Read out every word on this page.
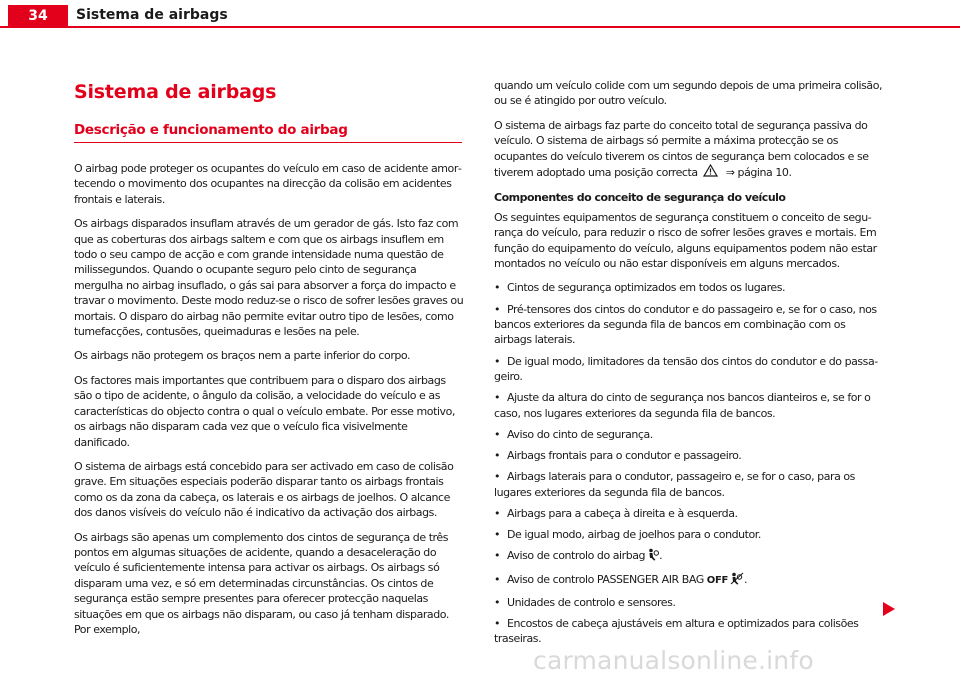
34	Sistema de airbags
Sistema de airbags
Descrição e funcionamento do airbag

O airbag pode proteger os ocupantes do veículo em caso de acidente amortecendo o movimento dos ocupantes na direcção da colisão em acidentes frontais e laterais.

Os airbags disparados insuflam através de um gerador de gás. Isto faz com que as coberturas dos airbags saltem e com que os airbags insuflem em todo o seu campo de acção e com grande intensidade numa questão de milissegundos. Quando o ocupante seguro pelo cinto de segurança mergulha no airbag insuflado, o gás sai para absorver a força do impacto e travar o movimento. Deste modo reduz-se o risco de sofrer lesões graves ou mortais. O disparo do airbag não permite evitar outro tipo de lesões, como tumefacções, contusões, queimaduras e lesões na pele.

Os airbags não protegem os braços nem a parte inferior do corpo.

Os factores mais importantes que contribuem para o disparo dos airbags são o tipo de acidente, o ângulo da colisão, a velocidade do veículo e as características do objecto contra o qual o veículo embate. Por esse motivo, os airbags não disparam cada vez que o veículo fica visivelmente danificado.

O sistema de airbags está concebido para ser activado em caso de colisão grave. Em situações especiais poderão disparar tanto os airbags frontais como os da zona da cabeça, os laterais e os airbags de joelhos. O alcance dos danos visíveis do veículo não é indicativo da activação dos airbags.

Os airbags são apenas um complemento dos cintos de segurança de três pontos em algumas situações de acidente, quando a desaceleração do veículo é suficientemente intensa para activar os airbags. Os airbags só disparam uma vez, e só em determinadas circunstâncias. Os cintos de segurança estão sempre presentes para oferecer protecção naquelas situações em que os airbags não disparam, ou caso já tenham disparado. Por exemplo,

quando um veículo colide com um segundo depois de uma primeira colisão, ou se é atingido por outro veículo.

O sistema de airbags faz parte do conceito total de segurança passiva do veículo. O sistema de airbags só permite a máxima protecção se os ocupantes do veículo tiverem os cintos de segurança bem colocados e se tiverem adoptado uma posição correcta	⇒ página 10.

Componentes do conceito de segurança do veículo

Os seguintes equipamentos de segurança constituem o conceito de segurança do veículo, para reduzir o risco de sofrer lesões graves e mortais. Em função do equipamento do veículo, alguns equipamentos podem não estar montados no veículo ou não estar disponíveis em alguns mercados.

• Cintos de segurança optimizados em todos os lugares.
• Pré-tensores dos cintos do condutor e do passageiro e, se for o caso, nos bancos exteriores da segunda fila de bancos em combinação com os airbags laterais.
• De igual modo, limitadores da tensão dos cintos do condutor e do passageiro.
• Ajuste da altura do cinto de segurança nos bancos dianteiros e, se for o caso, nos lugares exteriores da segunda fila de bancos.
• Aviso do cinto de segurança.
• Airbags frontais para o condutor e passageiro.
• Airbags laterais para o condutor, passageiro e, se for o caso, para os lugares exteriores da segunda fila de bancos.
• Airbags para a cabeça à direita e à esquerda.
• De igual modo, airbag de joelhos para o condutor.
• Aviso de controlo do airbag .
• Aviso de controlo PASSENGER AIR BAG OFF .
• Unidades de controlo e sensores.
• Encostos de cabeça ajustáveis em altura e optimizados para colisões traseiras.
carmanualsonline.info
